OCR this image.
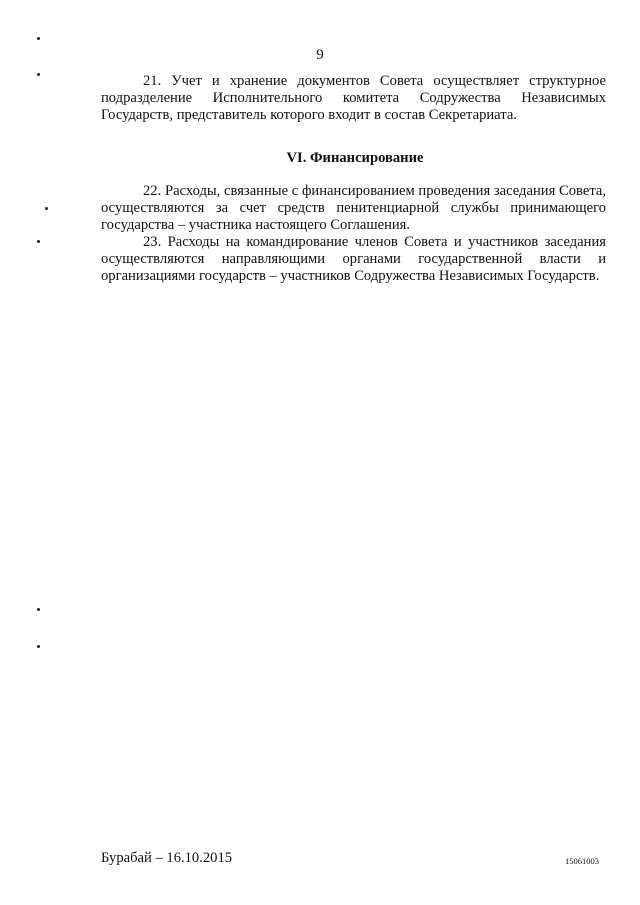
9

21. Учет и хранение документов Совета осуществляет структурное подразделение Исполнительного комитета Содружества Независимых Государств, представитель которого входит в состав Секретариата.

VI. Финансирование

22. Расходы, связанные с финансированием проведения заседания Совета, осуществляются за счет средств пенитенциарной службы принимающего государства – участника настоящего Соглашения.

23. Расходы на командирование членов Совета и участников заседания осуществляются направляющими органами государственной власти и организациями государств – участников Содружества Независимых Государств.

Бурабай – 16.10.2015	15061003
